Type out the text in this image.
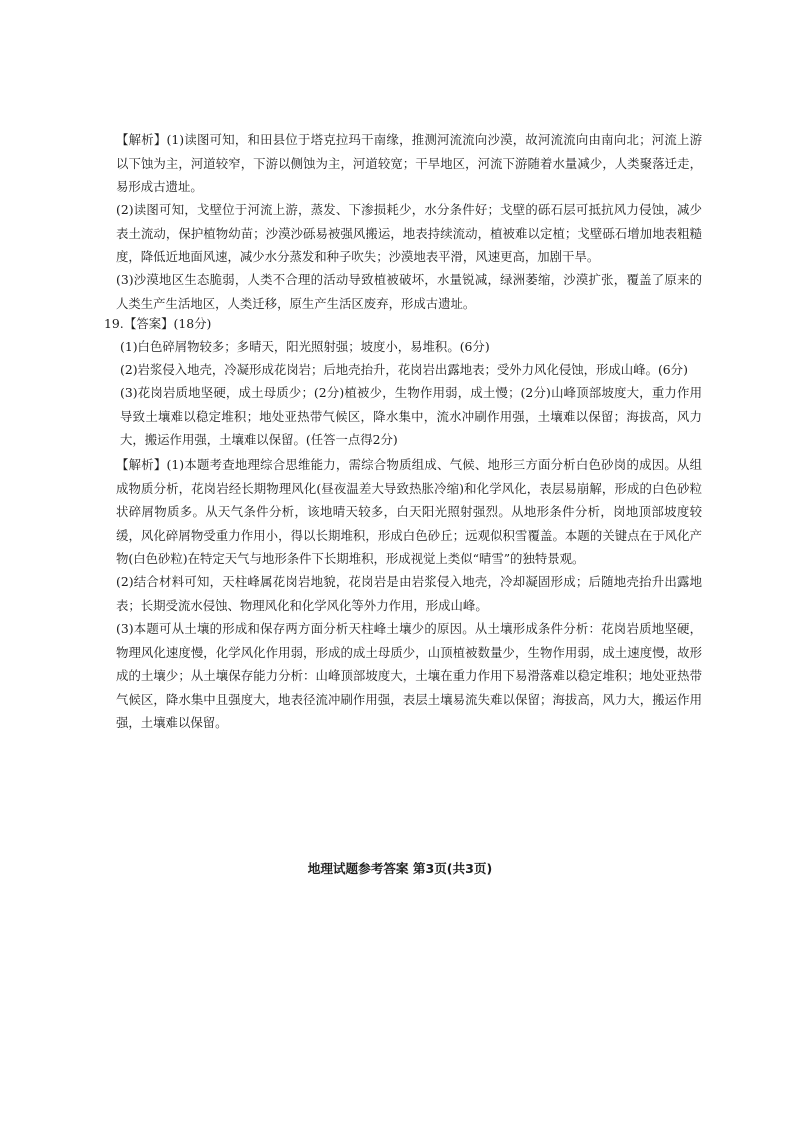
【解析】(1)读图可知，和田县位于塔克拉玛干南缘，推测河流流向沙漠，故河流流向由南向北；河流上游以下蚀为主，河道较窄，下游以侧蚀为主，河道较宽；干旱地区，河流下游随着水量减少，人类聚落迁走，易形成古遗址。

(2)读图可知，戈壁位于河流上游，蒸发、下渗损耗少，水分条件好；戈壁的砾石层可抵抗风力侵蚀，减少表土流动，保护植物幼苗；沙漠沙砾易被强风搬运，地表持续流动，植被难以定植；戈壁砾石增加地表粗糙度，降低近地面风速，减少水分蒸发和种子吹失；沙漠地表平滑，风速更高，加剧干旱。

(3)沙漠地区生态脆弱，人类不合理的活动导致植被破坏，水量锐减，绿洲萎缩，沙漠扩张，覆盖了原来的人类生产生活地区，人类迁移，原生产生活区废弃，形成古遗址。

19. 【答案】(18分)

(1)白色碎屑物较多；多晴天，阳光照射强；坡度小，易堆积。(6分)

(2)岩浆侵入地壳，冷凝形成花岗岩；后地壳抬升，花岗岩出露地表；受外力风化侵蚀，形成山峰。(6分)

(3)花岗岩质地坚硬，成土母质少；(2分)植被少，生物作用弱，成土慢；(2分)山峰顶部坡度大，重力作用导致土壤难以稳定堆积；地处亚热带气候区，降水集中，流水冲刷作用强，土壤难以保留；海拔高，风力大，搬运作用强，土壤难以保留。(任答一点得2分)

【解析】(1)本题考查地理综合思维能力，需综合物质组成、气候、地形三方面分析白色砂岗的成因。从组成物质分析，花岗岩经长期物理风化(昼夜温差大导致热胀冷缩)和化学风化，表层易崩解，形成的白色砂粒状碎屑物质多。从天气条件分析，该地晴天较多，白天阳光照射强烈。从地形条件分析，岗地顶部坡度较缓，风化碎屑物受重力作用小，得以长期堆积，形成白色砂丘；远观似积雪覆盖。本题的关键点在于风化产物(白色砂粒)在特定天气与地形条件下长期堆积，形成视觉上类似“晴雪”的独特景观。

(2)结合材料可知，天柱峰属花岗岩地貌，花岗岩是由岩浆侵入地壳，冷却凝固形成；后随地壳抬升出露地表；长期受流水侵蚀、物理风化和化学风化等外力作用，形成山峰。

(3)本题可从土壤的形成和保存两方面分析天柱峰土壤少的原因。从土壤形成条件分析：花岗岩质地坚硬，物理风化速度慢，化学风化作用弱，形成的成土母质少，山顶植被数量少，生物作用弱，成土速度慢，故形成的土壤少；从土壤保存能力分析：山峰顶部坡度大，土壤在重力作用下易滑落难以稳定堆积；地处亚热带气候区，降水集中且强度大，地表径流冲刷作用强，表层土壤易流失难以保留；海拔高，风力大，搬运作用强，土壤难以保留。

地理试题参考答案 第3页(共3页)
